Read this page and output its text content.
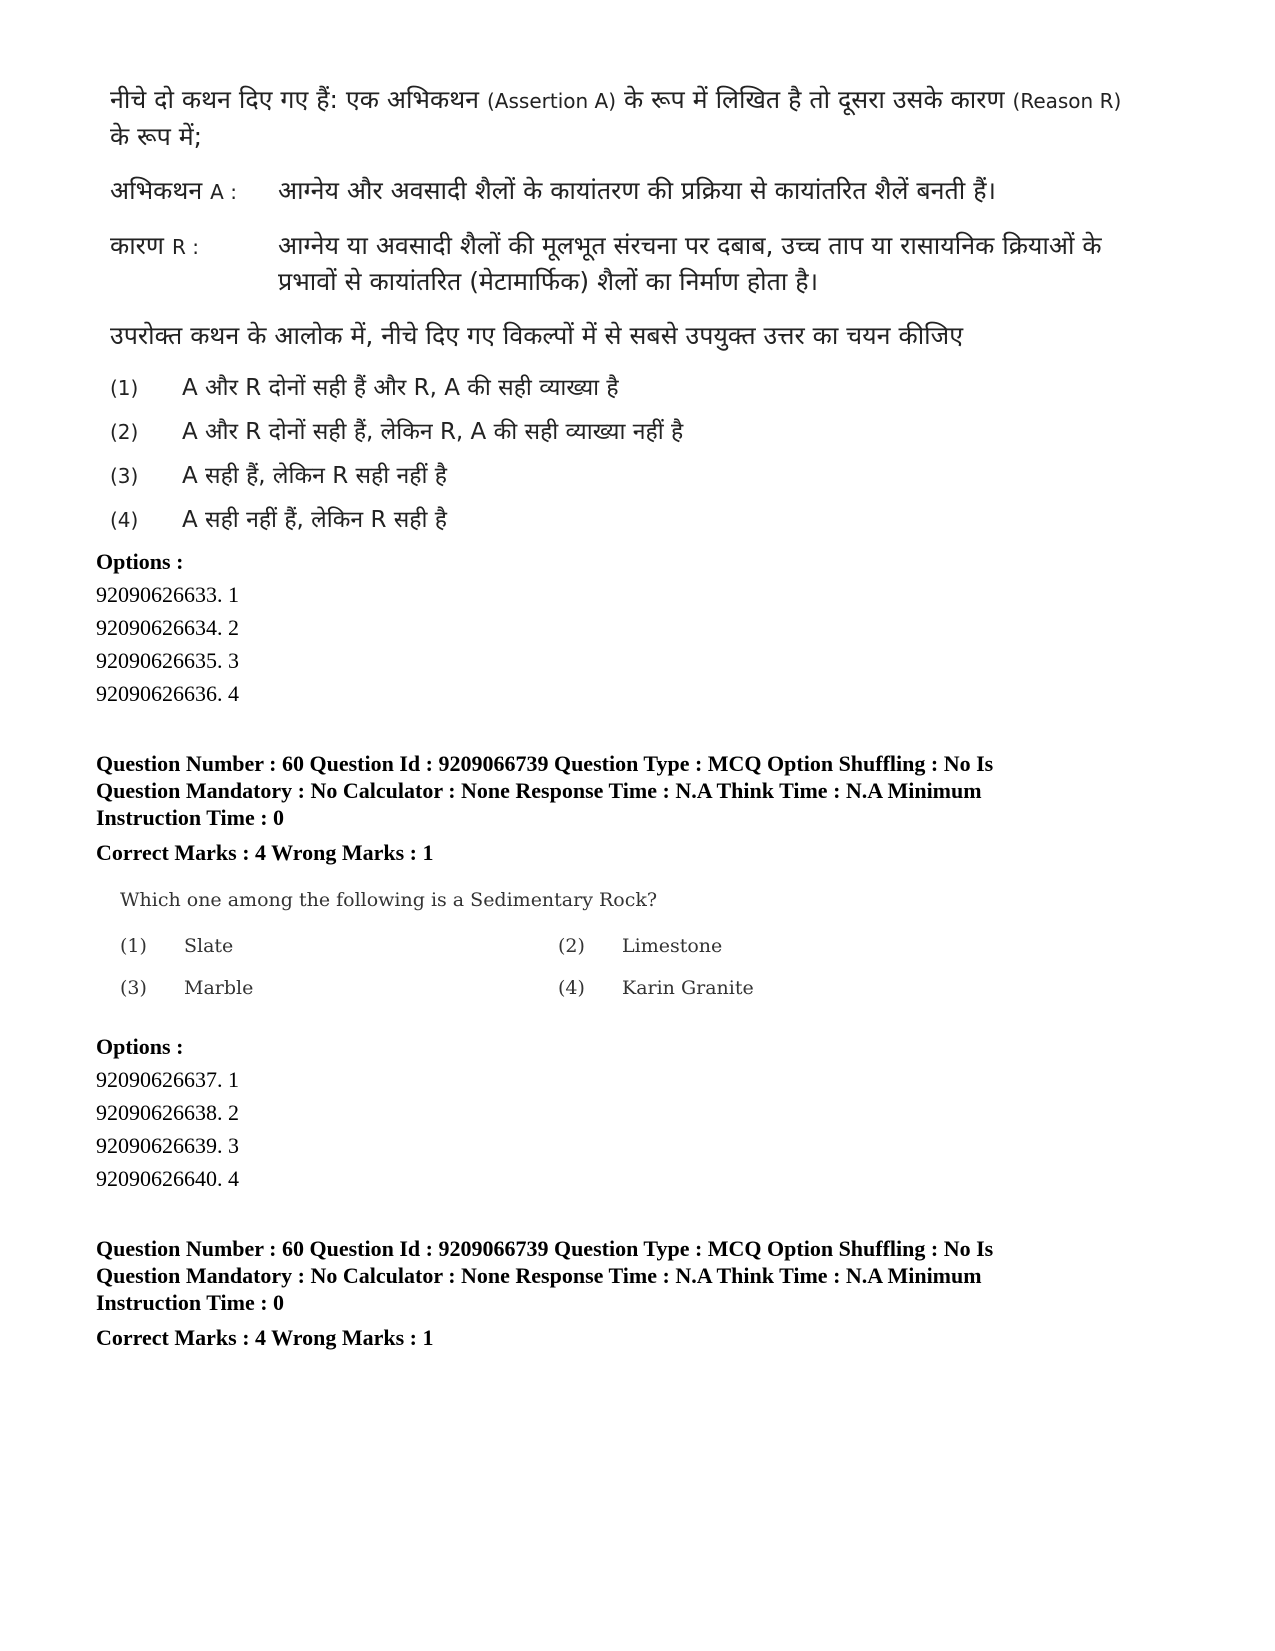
नीचे दो कथन दिए गए हैं: एक अभिकथन (Assertion A) के रूप में लिखित है तो दूसरा उसके कारण (Reason R) के रूप में;

अभिकथन A :	आग्नेय और अवसादी शैलों के कायांतरण की प्रक्रिया से कायांतरित शैलें बनती हैं।
कारण R :	आग्नेय या अवसादी शैलों की मूलभूत संरचना पर दबाब, उच्च ताप या रासायनिक क्रियाओं के प्रभावों से कायांतरित (मेटामार्फिक) शैलों का निर्माण होता है।
उपरोक्त कथन के आलोक में, नीचे दिए गए विकल्पों में से सबसे उपयुक्त उत्तर का चयन कीजिए
(1)	A और R दोनों सही हैं और R, A की सही व्याख्या है
(2)	A और R दोनों सही हैं, लेकिन R, A की सही व्याख्या नहीं है
(3)	A सही हैं, लेकिन R सही नहीं है
(4)	A सही नहीं हैं, लेकिन R सही है
Options :
92090626633. 1
92090626634. 2
92090626635. 3
92090626636. 4
Question Number : 60 Question Id : 9209066739 Question Type : MCQ Option Shuffling : No Is
Question Mandatory : No Calculator : None Response Time : N.A Think Time : N.A Minimum
Instruction Time : 0
Correct Marks : 4 Wrong Marks : 1
Which one among the following is a Sedimentary Rock?
(1) Slate	(2) Limestone
(3) Marble	(4) Karin Granite
Options :
92090626637. 1
92090626638. 2
92090626639. 3
92090626640. 4
Question Number : 60 Question Id : 9209066739 Question Type : MCQ Option Shuffling : No Is
Question Mandatory : No Calculator : None Response Time : N.A Think Time : N.A Minimum
Instruction Time : 0
Correct Marks : 4 Wrong Marks : 1
